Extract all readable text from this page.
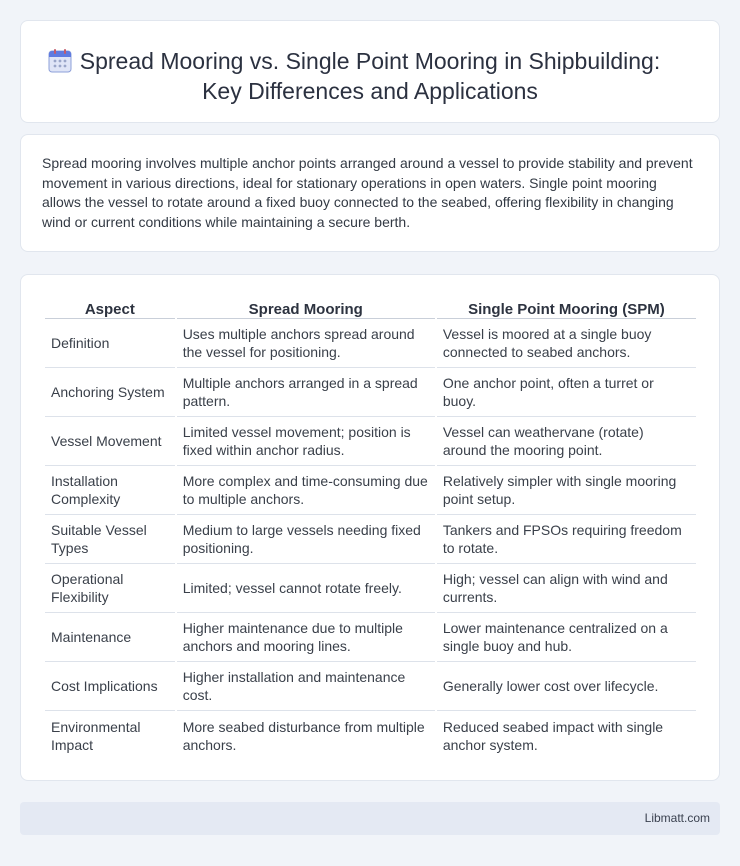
Spread Mooring vs. Single Point Mooring in Shipbuilding:
Key Differences and Applications

Spread mooring involves multiple anchor points arranged around a vessel to provide stability and prevent movement in various directions, ideal for stationary operations in open waters. Single point mooring allows the vessel to rotate around a fixed buoy connected to the seabed, offering flexibility in changing wind or current conditions while maintaining a secure berth.

Aspect	Spread Mooring	Single Point Mooring (SPM)
Definition	Uses multiple anchors spread around the vessel for positioning.	Vessel is moored at a single buoy connected to seabed anchors.
Anchoring System	Multiple anchors arranged in a spread pattern.	One anchor point, often a turret or buoy.
Vessel Movement	Limited vessel movement; position is fixed within anchor radius.	Vessel can weathervane (rotate) around the mooring point.
Installation Complexity	More complex and time-consuming due to multiple anchors.	Relatively simpler with single mooring point setup.
Suitable Vessel Types	Medium to large vessels needing fixed positioning.	Tankers and FPSOs requiring freedom to rotate.
Operational Flexibility	Limited; vessel cannot rotate freely.	High; vessel can align with wind and currents.
Maintenance	Higher maintenance due to multiple anchors and mooring lines.	Lower maintenance centralized on a single buoy and hub.
Cost Implications	Higher installation and maintenance cost.	Generally lower cost over lifecycle.
Environmental Impact	More seabed disturbance from multiple anchors.	Reduced seabed impact with single anchor system.
Libmatt.com
